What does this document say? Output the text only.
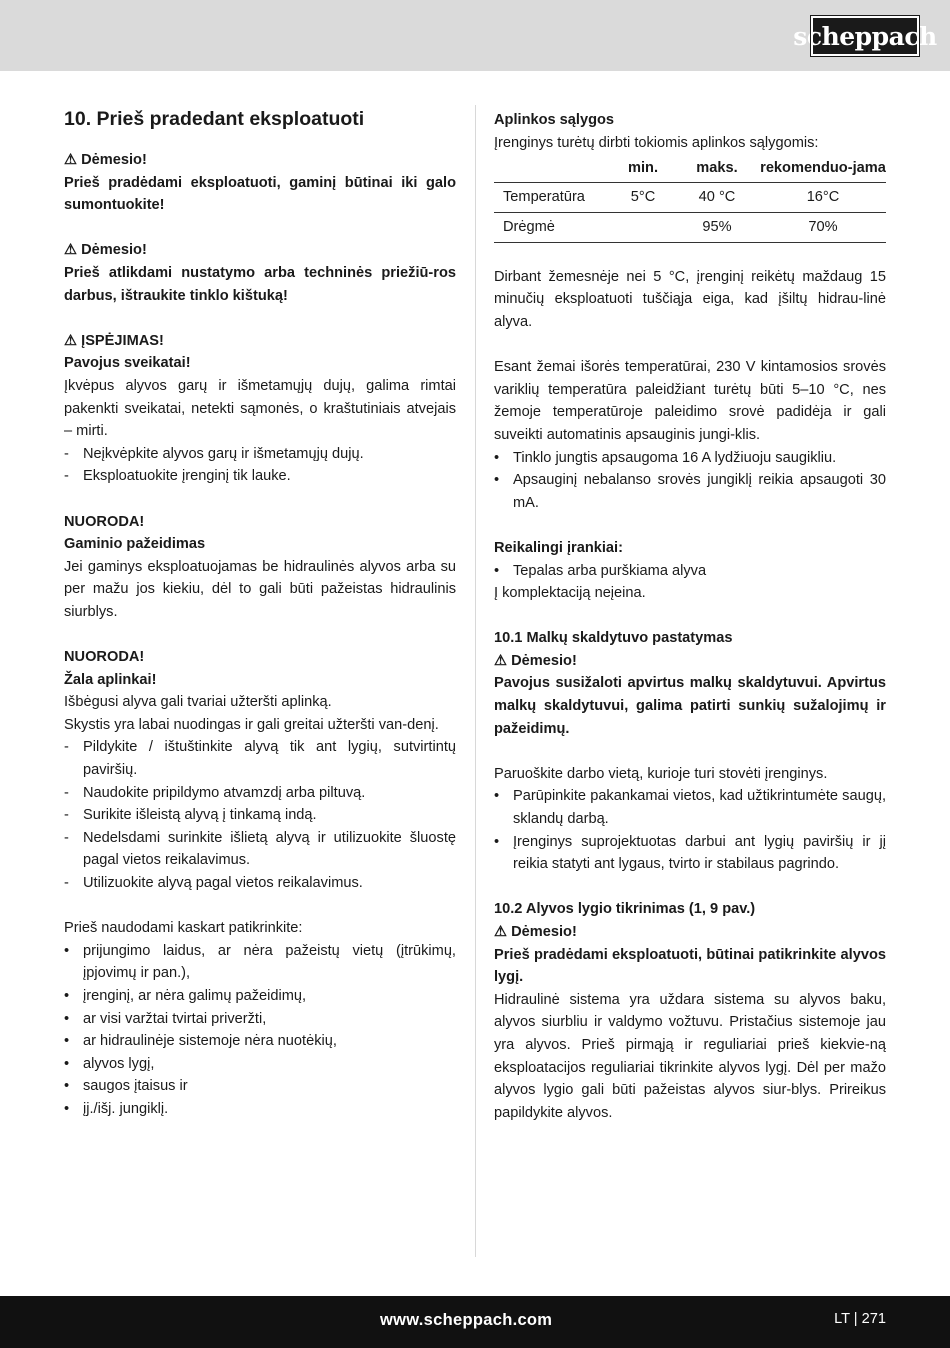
scheppach
10. Prieš pradedant eksploatuoti

⚠ Dėmesio!

Prieš pradėdami eksploatuoti, gaminį būtinai iki galo sumontuokite!

⚠ Dėmesio!

Prieš atlikdami nustatymo arba techninės priežiū-ros darbus, ištraukite tinklo kištuką!

⚠ ĮSPĖJIMAS!

Pavojus sveikatai!

Įkvėpus alyvos garų ir išmetamųjų dujų, galima rimtai pakenkti sveikatai, netekti sąmonės, o kraštutiniais atvejais – mirti.

- Neįkvėpkite alyvos garų ir išmetamųjų dujų.
- Eksploatuokite įrenginį tik lauke.

NUORODA!

Gaminio pažeidimas

Jei gaminys eksploatuojamas be hidraulinės alyvos arba su per mažu jos kiekiu, dėl to gali būti pažeistas hidraulinis siurblys.

NUORODA!

Žala aplinkai!

Išbėgusi alyva gali tvariai užteršti aplinką.

Skystis yra labai nuodingas ir gali greitai užteršti van-denį.

- Pildykite / ištuštinkite alyvą tik ant lygių, sutvirtintų paviršių.
- Naudokite pripildymo atvamzdį arba piltuvą.
- Surikite išleistą alyvą į tinkamą indą.
- Nedelsdami surinkite išlietą alyvą ir utilizuokite šluostę pagal vietos reikalavimus.
- Utilizuokite alyvą pagal vietos reikalavimus.

Prieš naudodami kaskart patikrinkite:

• prijungimo laidus, ar nėra pažeistų vietų (įtrūkimų, įpjovimų ir pan.),
• įrenginį, ar nėra galimų pažeidimų,
• ar visi varžtai tvirtai priveržti,
• ar hidraulinėje sistemoje nėra nuotėkių,
• alyvos lygį,
• saugos įtaisus ir
• įj./išj. jungiklį.

Aplinkos sąlygos

Įrenginys turėtų dirbti tokiomis aplinkos sąlygomis:

	min.	maks.	rekomenduo-jama
Temperatūra	5°C	40 °C	16°C
Drėgmė		95%	70%

Dirbant žemesnėje nei 5 °C, įrenginį reikėtų maždaug 15 minučių eksploatuoti tuščiąja eiga, kad įšiltų hidrau-linė alyva.

Esant žemai išorės temperatūrai, 230 V kintamosios srovės variklių temperatūra paleidžiant turėtų būti 5–10 °C, nes žemoje temperatūroje paleidimo srovė padidėja ir gali suveikti automatinis apsauginis jungi-klis.

• Tinklo jungtis apsaugoma 16 A lydžiuoju saugikliu.
• Apsauginį nebalanso srovės jungiklį reikia apsaugoti 30 mA.

Reikalingi įrankiai:

• Tepalas arba purškiama alyva

Į komplektaciją neįeina.

10.1 Malkų skaldytuvo pastatymas

⚠ Dėmesio!

Pavojus susižaloti apvirtus malkų skaldytuvui. Apvirtus malkų skaldytuvui, galima patirti sunkių sužalojimų ir pažeidimų.

Paruoškite darbo vietą, kurioje turi stovėti įrenginys.

• Parūpinkite pakankamai vietos, kad užtikrintumėte saugų, sklandų darbą.
• Įrenginys suprojektuotas darbui ant lygių paviršių ir jį reikia statyti ant lygaus, tvirto ir stabilaus pagrindo.

10.2 Alyvos lygio tikrinimas (1, 9 pav.)

⚠ Dėmesio!

Prieš pradėdami eksploatuoti, būtinai patikrinkite alyvos lygį.

Hidraulinė sistema yra uždara sistema su alyvos baku, alyvos siurbliu ir valdymo vožtuvu. Pristačius sistemoje jau yra alyvos. Prieš pirmąją ir reguliariai prieš kiekvie-ną eksploatacijos reguliariai tikrinkite alyvos lygį. Dėl per mažo alyvos lygio gali būti pažeistas alyvos siur-blys. Prireikus papildykite alyvos.

www.scheppach.com	LT | 271
